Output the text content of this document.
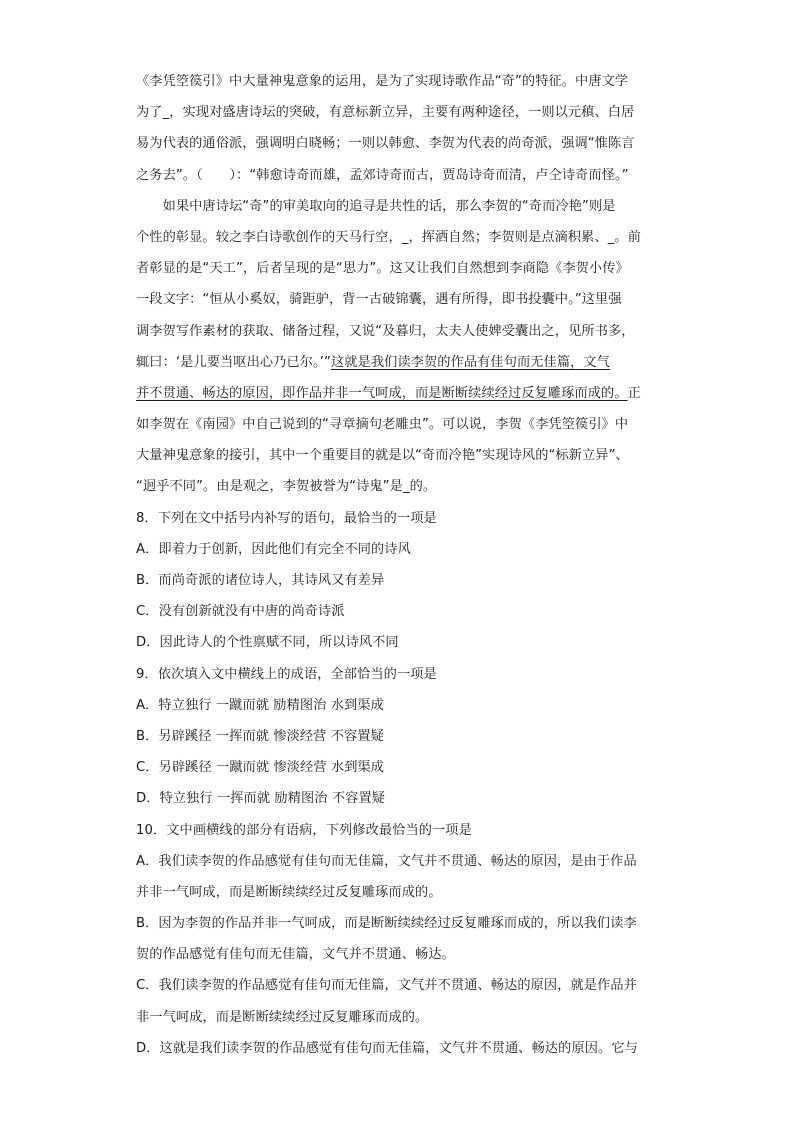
《李凭箜篌引》中大量神鬼意象的运用，是为了实现诗歌作品“奇”的特征。中唐文学
为了_，实现对盛唐诗坛的突破，有意标新立异，主要有两种途径，一则以元稹、白居
易为代表的通俗派，强调明白晓畅；一则以韩愈、李贺为代表的尚奇派，强调“惟陈言
之务去”。（　　）：“韩愈诗奇而雄，孟郊诗奇而古，贾岛诗奇而清，卢仝诗奇而怪。”
　　如果中唐诗坛“奇”的审美取向的追寻是共性的话，那么李贺的“奇而冷艳”则是
个性的彰显。较之李白诗歌创作的天马行空，_，挥洒自然；李贺则是点滴积累、_。前
者彰显的是“天工”，后者呈现的是“思力”。这又让我们自然想到李商隐《李贺小传》
一段文字：“恒从小奚奴，骑距驴，背一古破锦囊，遇有所得，即书投囊中。”这里强
调李贺写作素材的获取、储备过程，又说“及暮归，太夫人使婢受囊出之，见所书多，
辄曰：‘是儿要当呕出心乃已尔。’”这就是我们读李贺的作品有佳句而无佳篇，文气
并不贯通、畅达的原因，即作品并非一气呵成，而是断断续续经过反复雕琢而成的。正
如李贺在《南园》中自己说到的“寻章摘句老雕虫”。可以说，李贺《李凭箜篌引》中
大量神鬼意象的接引，其中一个重要目的就是以“奇而冷艳”实现诗风的“标新立异”、
“迥乎不同”。由是观之，李贺被誉为“诗鬼”是_的。
8．下列在文中括号内补写的语句，最恰当的一项是
A．即着力于创新，因此他们有完全不同的诗风
B．而尚奇派的诸位诗人，其诗风又有差异
C．没有创新就没有中唐的尚奇诗派
D．因此诗人的个性禀赋不同，所以诗风不同
9．依次填入文中横线上的成语，全部恰当的一项是
A．特立独行 一蹴而就 励精图治 水到渠成
B．另辟蹊径 一挥而就 惨淡经营 不容置疑
C．另辟蹊径 一蹴而就 惨淡经营 水到渠成
D．特立独行 一挥而就 励精图治 不容置疑
10．文中画横线的部分有语病，下列修改最恰当的一项是
A．我们读李贺的作品感觉有佳句而无佳篇，文气并不贯通、畅达的原因，是由于作品
并非一气呵成，而是断断续续经过反复雕琢而成的。
B．因为李贺的作品并非一气呵成，而是断断续续经过反复雕琢而成的，所以我们读李
贺的作品感觉有佳句而无佳篇，文气并不贯通、畅达。
C．我们读李贺的作品感觉有佳句而无佳篇，文气并不贯通、畅达的原因，就是作品并
非一气呵成，而是断断续续经过反复雕琢而成的。
D．这就是我们读李贺的作品感觉有佳句而无佳篇，文气并不贯通、畅达的原因。它与
